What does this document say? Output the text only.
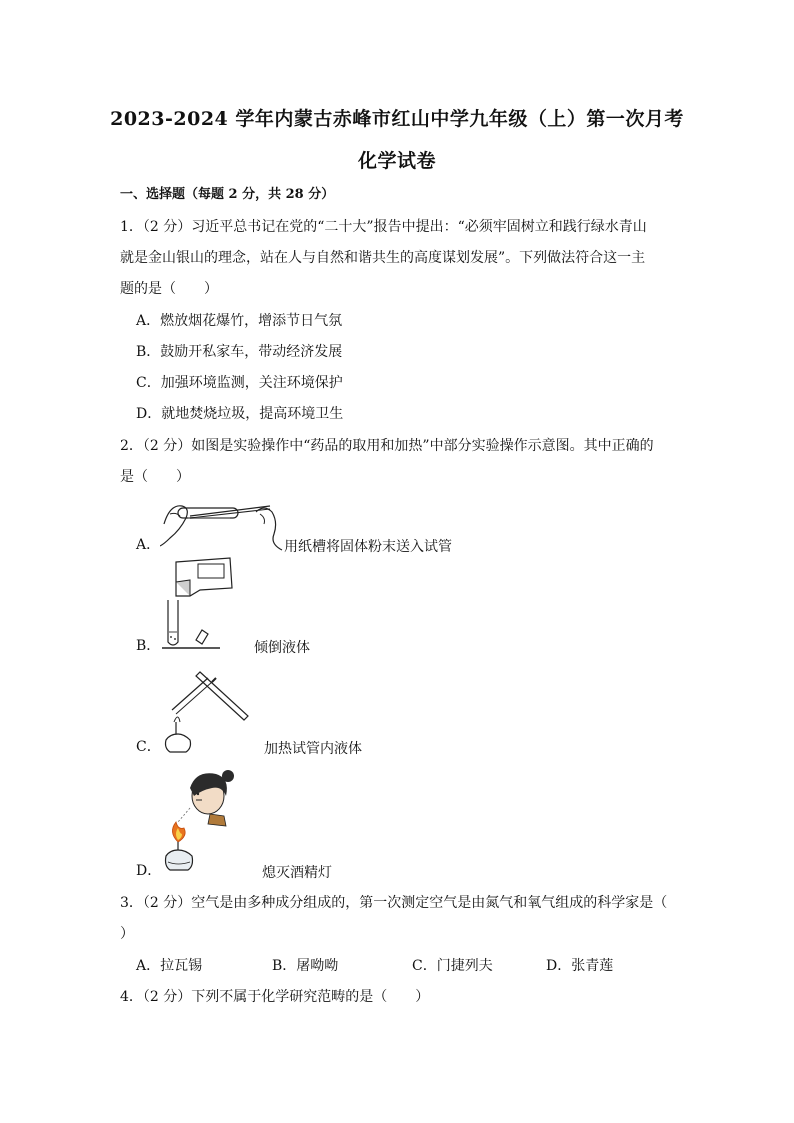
2023-2024 学年内蒙古赤峰市红山中学九年级（上）第一次月考
化学试卷
一、选择题（每题 2 分，共 28 分）
1．（2 分）习近平总书记在党的“二十大”报告中提出：“必须牢固树立和践行绿水青山
就是金山银山的理念，站在人与自然和谐共生的高度谋划发展”。下列做法符合这一主
题的是（　　）
A．燃放烟花爆竹，增添节日气氛
B．鼓励开私家车，带动经济发展
C．加强环境监测，关注环境保护
D．就地焚烧垃圾，提高环境卫生
2．（2 分）如图是实验操作中“药品的取用和加热”中部分实验操作示意图。其中正确的
是（　　）
A．	用纸槽将固体粉末送入试管
B．	倾倒液体
C．	加热试管内液体
D．	熄灭酒精灯
3．（2 分）空气是由多种成分组成的，第一次测定空气是由氮气和氧气组成的科学家是（
）
A．拉瓦锡	B．屠呦呦	C．门捷列夫	D．张青莲
4．（2 分）下列不属于化学研究范畴的是（　　）
